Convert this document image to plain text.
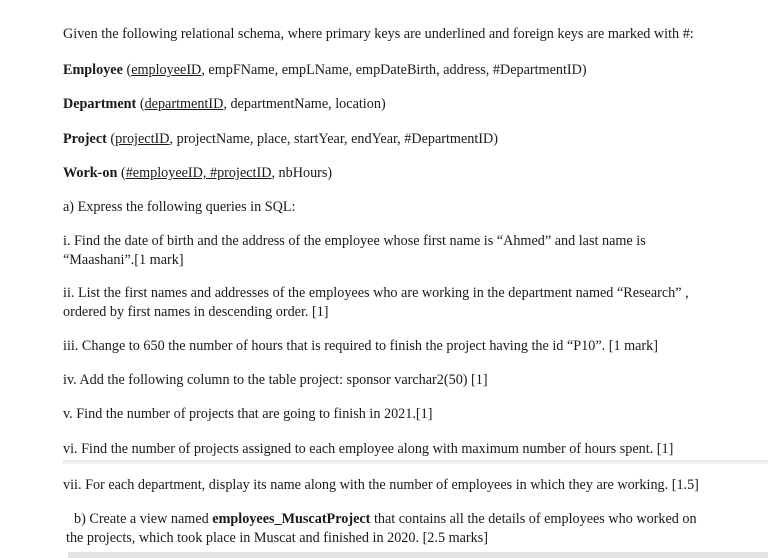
Given the following relational schema, where primary keys are underlined and foreign keys are marked with #:
Employee (employeeID, empFName, empLName, empDateBirth, address, #DepartmentID)
Department (departmentID, departmentName, location)
Project (projectID, projectName, place, startYear, endYear, #DepartmentID)
Work-on (#employeeID, #projectID, nbHours)
a) Express the following queries in SQL:
i. Find the date of birth and the address of the employee whose first name is “Ahmed” and last name is “Maashani”.[1 mark]
ii. List the first names and addresses of the employees who are working in the department named “Research” , ordered by first names in descending order. [1]
iii. Change to 650 the number of hours that is required to finish the project having the id “P10”. [1 mark]
iv. Add the following column to the table project: sponsor varchar2(50) [1]
v. Find the number of projects that are going to finish in 2021.[1]
vi. Find the number of projects assigned to each employee along with maximum number of hours spent. [1]
vii. For each department, display its name along with the number of employees in which they are working. [1.5]
b) Create a view named employees_MuscatProject that contains all the details of employees who worked on the projects, which took place in Muscat and finished in 2020. [2.5 marks]
